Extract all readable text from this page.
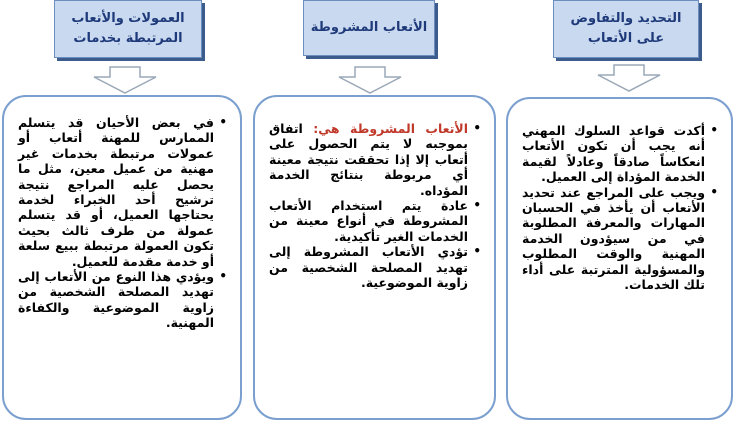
العمولات والأتعاب
المرتبطة بخدمات
الأتعاب المشروطة
التحديد والتفاوض
على الأتعاب
• في بعض الأحيان قد يتسلم الممارس للمهنة أتعاب أو عمولات مرتبطة بخدمات غير مهنية من عميل معين، مثل ما يحصل عليه المراجع نتيجة ترشيح أحد الخبراء لخدمة يحتاجها العميل، أو قد يتسلم عمولة من طرف ثالث بحيث تكون العمولة مرتبطة ببيع سلعة أو خدمة مقدمة للعميل.
• ويؤدي هذا النوع من الأتعاب إلى تهديد المصلحة الشخصية من زاوية الموضوعية والكفاءة المهنية.
• الأتعاب المشروطة هي: اتفاق بموجبه لا يتم الحصول على أتعاب إلا إذا تحققت نتيجة معينة أي مربوطة بنتائج الخدمة المؤداه.
• عادة يتم استخدام الأتعاب المشروطة في أنواع معينة من الخدمات الغير تأكيدية.
• تؤدي الأتعاب المشروطة إلى تهديد المصلحة الشخصية من زاوية الموضوعية.
• أكدت قواعد السلوك المهني أنه يجب أن تكون الأتعاب انعكاساً صادقاً وعادلاً لقيمة الخدمة المؤداة إلى العميل.
• ويجب على المراجع عند تحديد الأتعاب أن يأخذ في الحسبان المهارات والمعرفة المطلوبة في من سيؤدون الخدمة المهنية والوقت المطلوب والمسؤولية المترتبة على أداء تلك الخدمات.
